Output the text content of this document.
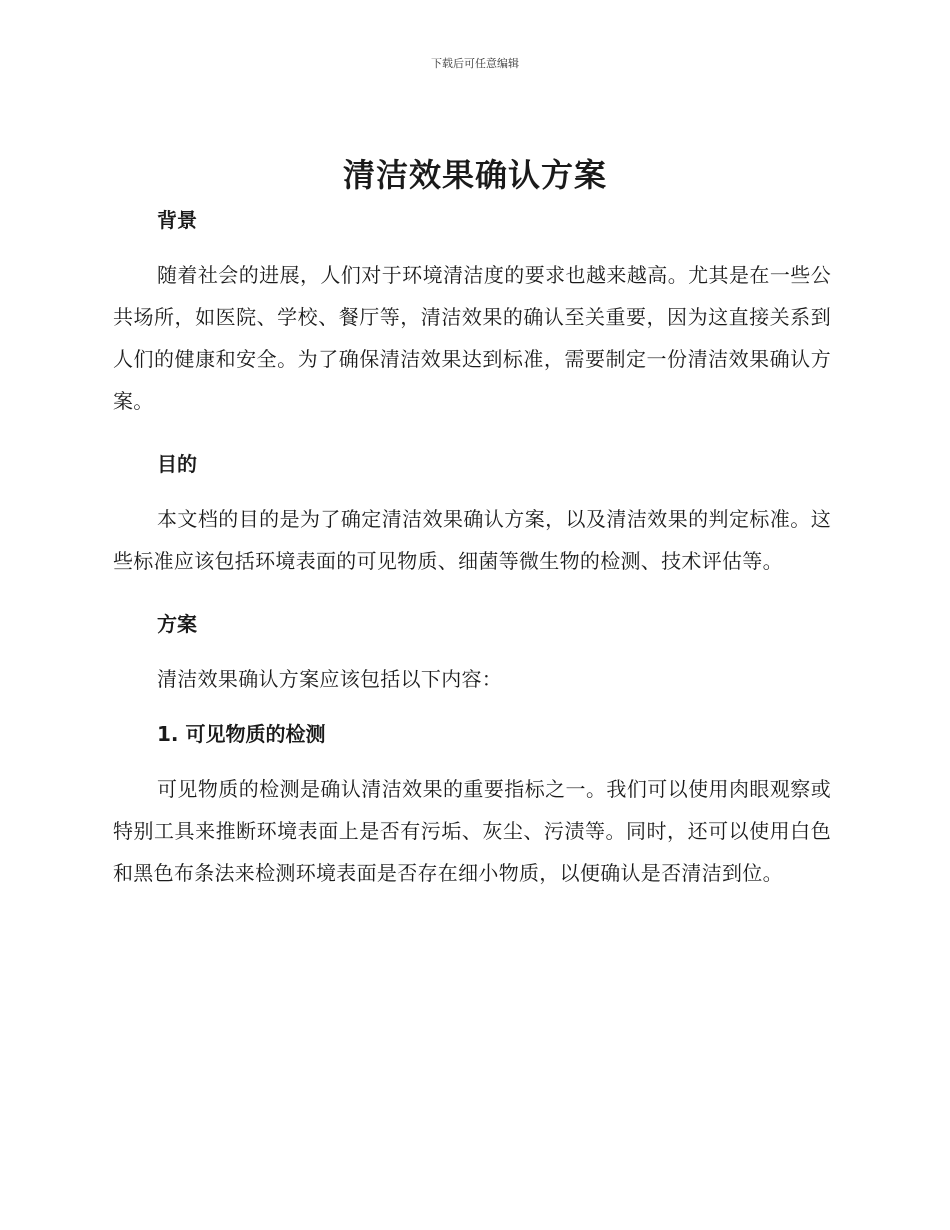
下载后可任意编辑
清洁效果确认方案
背景

随着社会的进展，人们对于环境清洁度的要求也越来越高。尤其是在一些公共场所，如医院、学校、餐厅等，清洁效果的确认至关重要，因为这直接关系到人们的健康和安全。为了确保清洁效果达到标准，需要制定一份清洁效果确认方案。

目的

本文档的目的是为了确定清洁效果确认方案，以及清洁效果的判定标准。这些标准应该包括环境表面的可见物质、细菌等微生物的检测、技术评估等。

方案

清洁效果确认方案应该包括以下内容：

1. 可见物质的检测

可见物质的检测是确认清洁效果的重要指标之一。我们可以使用肉眼观察或特别工具来推断环境表面上是否有污垢、灰尘、污渍等。同时，还可以使用白色和黑色布条法来检测环境表面是否存在细小物质，以便确认是否清洁到位。
